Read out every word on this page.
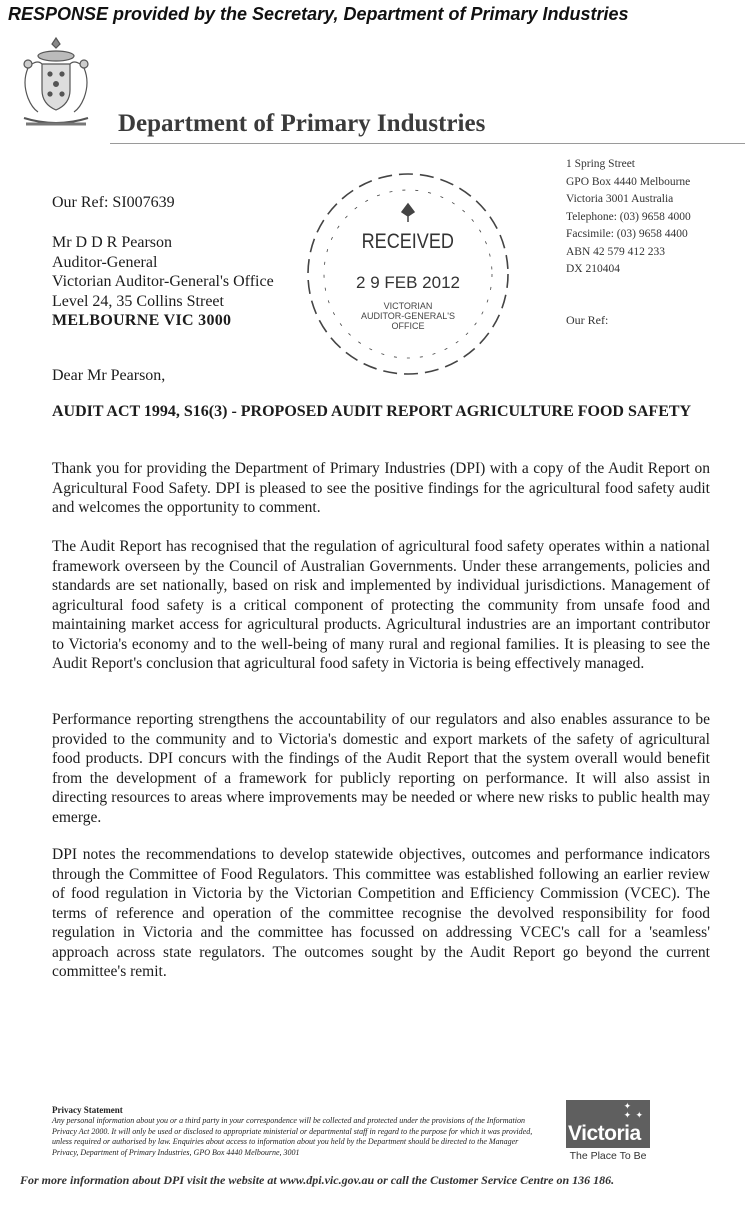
RESPONSE provided by the Secretary, Department of Primary Industries
Department of Primary Industries
1 Spring Street
GPO Box 4440 Melbourne
Victoria 3001 Australia
Telephone: (03) 9658 4000
Facsimile: (03) 9658 4400
ABN 42 579 412 233
DX 210404
Our Ref:
Our Ref: SI007639
Mr D D R Pearson
Auditor-General
Victorian Auditor-General's Office
Level 24, 35 Collins Street
MELBOURNE VIC 3000
RECEIVED
2 9 FEB 2012
VICTORIAN
AUDITOR-GENERAL'S
OFFICE
Dear Mr Pearson,
AUDIT ACT 1994, S16(3) - PROPOSED AUDIT REPORT AGRICULTURE FOOD SAFETY
Thank you for providing the Department of Primary Industries (DPI) with a copy of the Audit Report on Agricultural Food Safety. DPI is pleased to see the positive findings for the agricultural food safety audit and welcomes the opportunity to comment.
The Audit Report has recognised that the regulation of agricultural food safety operates within a national framework overseen by the Council of Australian Governments. Under these arrangements, policies and standards are set nationally, based on risk and implemented by individual jurisdictions. Management of agricultural food safety is a critical component of protecting the community from unsafe food and maintaining market access for agricultural products. Agricultural industries are an important contributor to Victoria's economy and to the well-being of many rural and regional families. It is pleasing to see the Audit Report's conclusion that agricultural food safety in Victoria is being effectively managed.
Performance reporting strengthens the accountability of our regulators and also enables assurance to be provided to the community and to Victoria's domestic and export markets of the safety of agricultural food products. DPI concurs with the findings of the Audit Report that the system overall would benefit from the development of a framework for publicly reporting on performance. It will also assist in directing resources to areas where improvements may be needed or where new risks to public health may emerge.
DPI notes the recommendations to develop statewide objectives, outcomes and performance indicators through the Committee of Food Regulators. This committee was established following an earlier review of food regulation in Victoria by the Victorian Competition and Efficiency Commission (VCEC). The terms of reference and operation of the committee recognise the devolved responsibility for food regulation in Victoria and the committee has focussed on addressing VCEC's call for a 'seamless' approach across state regulators. The outcomes sought by the Audit Report go beyond the current committee's remit.
Privacy Statement
Any personal information about you or a third party in your correspondence will be collected and protected under the provisions of the Information Privacy Act 2000. It will only be used or disclosed to appropriate ministerial or departmental staff in regard to the purpose for which it was provided, unless required or authorised by law. Enquiries about access to information about you held by the Department should be directed to the Manager Privacy, Department of Primary Industries, GPO Box 4440 Melbourne, 3001
✦
✦ ✦
Victoria
The Place To Be
For more information about DPI visit the website at www.dpi.vic.gov.au or call the Customer Service Centre on 136 186.
